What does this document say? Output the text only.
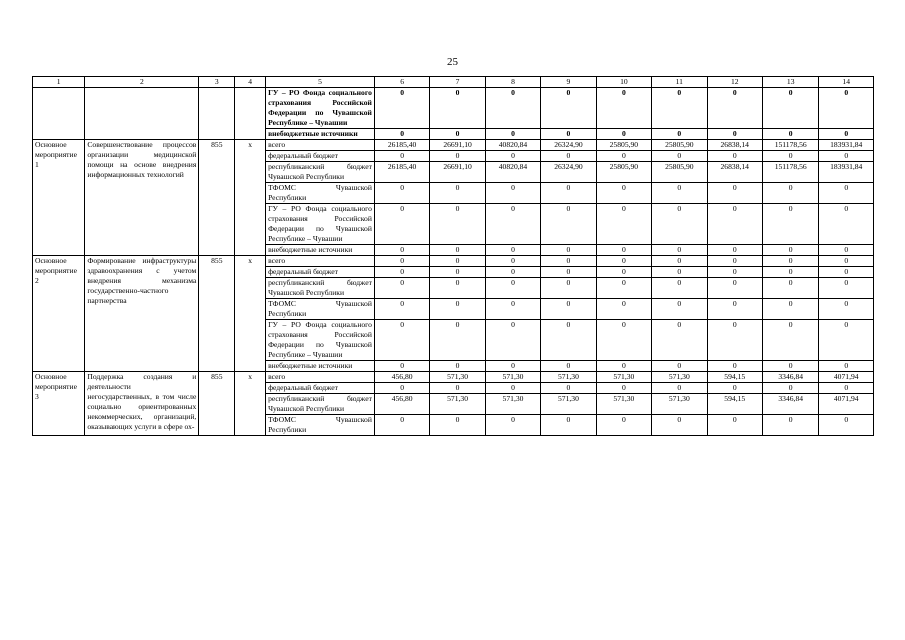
25
1	2	3	4	5	6	7	8	9	10	11	12	13	14
				ГУ – РО Фонда социального страхования Российской Федерации по Чувашской Республике – Чувашии	0	0	0	0	0	0	0	0	0
				внебюджетные источники	0	0	0	0	0	0	0	0	0
Основное мероприятие 1	Совершенствование процессов организации медицинской помощи на основе внедрения информационных технологий	855	х	всего	26185,40	26691,10	40820,84	26324,90	25805,90	25805,90	26838,14	151178,56	183931,84
				федеральный бюджет	0	0	0	0	0	0	0	0	0
				республиканский бюджет Чувашской Республики	26185,40	26691,10	40820,84	26324,90	25805,90	25805,90	26838,14	151178,56	183931,84
				ТФОМС Чувашской Республики	0	0	0	0	0	0	0	0	0
				ГУ – РО Фонда социального страхования Российской Федерации по Чувашской Республике – Чувашии	0	0	0	0	0	0	0	0	0
				внебюджетные источники	0	0	0	0	0	0	0	0	0
Основное мероприятие 2	Формирование инфраструктуры здравоохранения с учетом внедрения механизма государственно-частного партнерства	855	х	всего	0	0	0	0	0	0	0	0	0
				федеральный бюджет	0	0	0	0	0	0	0	0	0
				республиканский бюджет Чувашской Республики	0	0	0	0	0	0	0	0	0
				ТФОМС Чувашской Республики	0	0	0	0	0	0	0	0	0
				ГУ – РО Фонда социального страхования Российской Федерации по Чувашской Республике – Чувашии	0	0	0	0	0	0	0	0	0
				внебюджетные источники	0	0	0	0	0	0	0	0	0
Основное мероприятие 3	Поддержка создания и деятельности негосударственных, в том числе социально ориентированных некоммерческих, организаций, оказывающих услуги в сфере ох-	855	х	всего	456,80	571,30	571,30	571,30	571,30	571,30	594,15	3346,84	4071,94
				федеральный бюджет	0	0	0	0	0	0	0	0	0
				республиканский бюджет Чувашской Республики	456,80	571,30	571,30	571,30	571,30	571,30	594,15	3346,84	4071,94
				ТФОМС Чувашской Республики	0	0	0	0	0	0	0	0	0
